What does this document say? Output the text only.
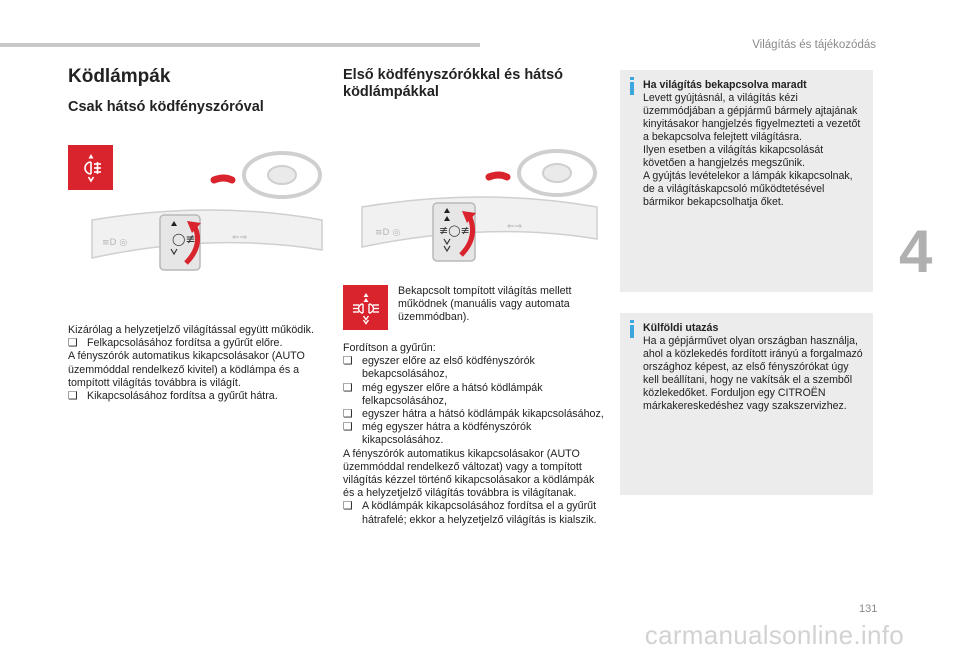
Világítás és tájékozódás
4
Ködlámpák
Csak hátsó ködfényszóróval
◯≢
≡D ◎	⇐⇒

Kizárólag a helyzetjelző világítással együtt működik.

❑ Felkapcsolásához fordítsa a gyűrűt előre.

A fényszórók automatikus kikapcsolásakor (AUTO üzemmóddal rendelkező kivitel) a ködlámpa és a tompított világítás továbbra is világít.

❑ Kikapcsolásához fordítsa a gyűrűt hátra.

Első ködfényszórókkal és hátsó ködlámpákkal
≢◯≢
≡D ◎
⇐⇒
Bekapcsolt tompított világítás mellett működnek (manuális vagy automata üzemmódban).

Fordítson a gyűrűn:

❑ egyszer előre az első ködfényszórók bekapcsolásához,

❑ még egyszer előre a hátsó ködlámpák felkapcsolásához,

❑ egyszer hátra a hátsó ködlámpák kikapcsolásához,

❑ még egyszer hátra a ködfényszórók kikapcsolásához.

A fényszórók automatikus kikapcsolásakor (AUTO üzemmóddal rendelkező változat) vagy a tompított világítás kézzel történő kikapcsolásakor a ködlámpák és a helyzetjelző világítás továbbra is világítanak.

❑ A ködlámpák kikapcsolásához fordítsa el a gyűrűt hátrafelé; ekkor a helyzetjelző világítás is kialszik.

Ha világítás bekapcsolva maradt
Levett gyújtásnál, a világítás kézi üzemmódjában a gépjármű bármely ajtajának kinyitásakor hangjelzés figyelmezteti a vezetőt a bekapcsolva felejtett világításra.
Ilyen esetben a világítás kikapcsolását követően a hangjelzés megszűnik.
A gyújtás levételekor a lámpák kikapcsolnak, de a világításkapcsoló működtetésével bármikor bekapcsolhatja őket.
Külföldi utazás
Ha a gépjárművet olyan országban használja, ahol a közlekedés fordított irányú a forgalmazó országhoz képest, az első fényszórókat úgy kell beállítani, hogy ne vakítsák el a szemből közlekedőket. Forduljon egy CITROËN márkakereskedéshez vagy szakszervizhez.
131
carmanualsonline.info
